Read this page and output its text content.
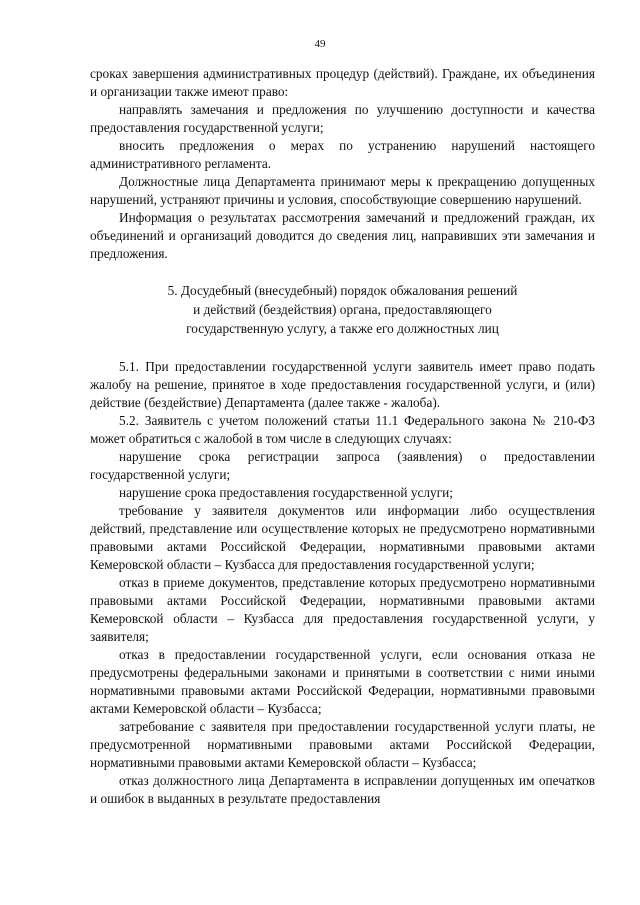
49

сроках завершения административных процедур (действий). Граждане, их объединения и организации также имеют право:

направлять замечания и предложения по улучшению доступности и качества предоставления государственной услуги;

вносить предложения о мерах по устранению нарушений настоящего административного регламента.

Должностные лица Департамента принимают меры к прекращению допущенных нарушений, устраняют причины и условия, способствующие совершению нарушений.

Информация о результатах рассмотрения замечаний и предложений граждан, их объединений и организаций доводится до сведения лиц, направивших эти замечания и предложения.

5. Досудебный (внесудебный) порядок обжалования решений
и действий (бездействия) органа, предоставляющего
государственную услугу, а также его должностных лиц

5.1. При предоставлении государственной услуги заявитель имеет право подать жалобу на решение, принятое в ходе предоставления государственной услуги, и (или) действие (бездействие) Департамента (далее также - жалоба).

5.2. Заявитель с учетом положений статьи 11.1 Федерального закона № 210-ФЗ может обратиться с жалобой в том числе в следующих случаях:

нарушение срока регистрации запроса (заявления) о предоставлении государственной услуги;

нарушение срока предоставления государственной услуги;

требование у заявителя документов или информации либо осуществления действий, представление или осуществление которых не предусмотрено нормативными правовыми актами Российской Федерации, нормативными правовыми актами Кемеровской области – Кузбасса для предоставления государственной услуги;

отказ в приеме документов, представление которых предусмотрено нормативными правовыми актами Российской Федерации, нормативными правовыми актами Кемеровской области – Кузбасса для предоставления государственной услуги, у заявителя;

отказ в предоставлении государственной услуги, если основания отказа не предусмотрены федеральными законами и принятыми в соответствии с ними иными нормативными правовыми актами Российской Федерации, нормативными правовыми актами Кемеровской области – Кузбасса;

затребование с заявителя при предоставлении государственной услуги платы, не предусмотренной нормативными правовыми актами Российской Федерации, нормативными правовыми актами Кемеровской области – Кузбасса;

отказ должностного лица Департамента в исправлении допущенных им опечатков и ошибок в выданных в результате предоставления
